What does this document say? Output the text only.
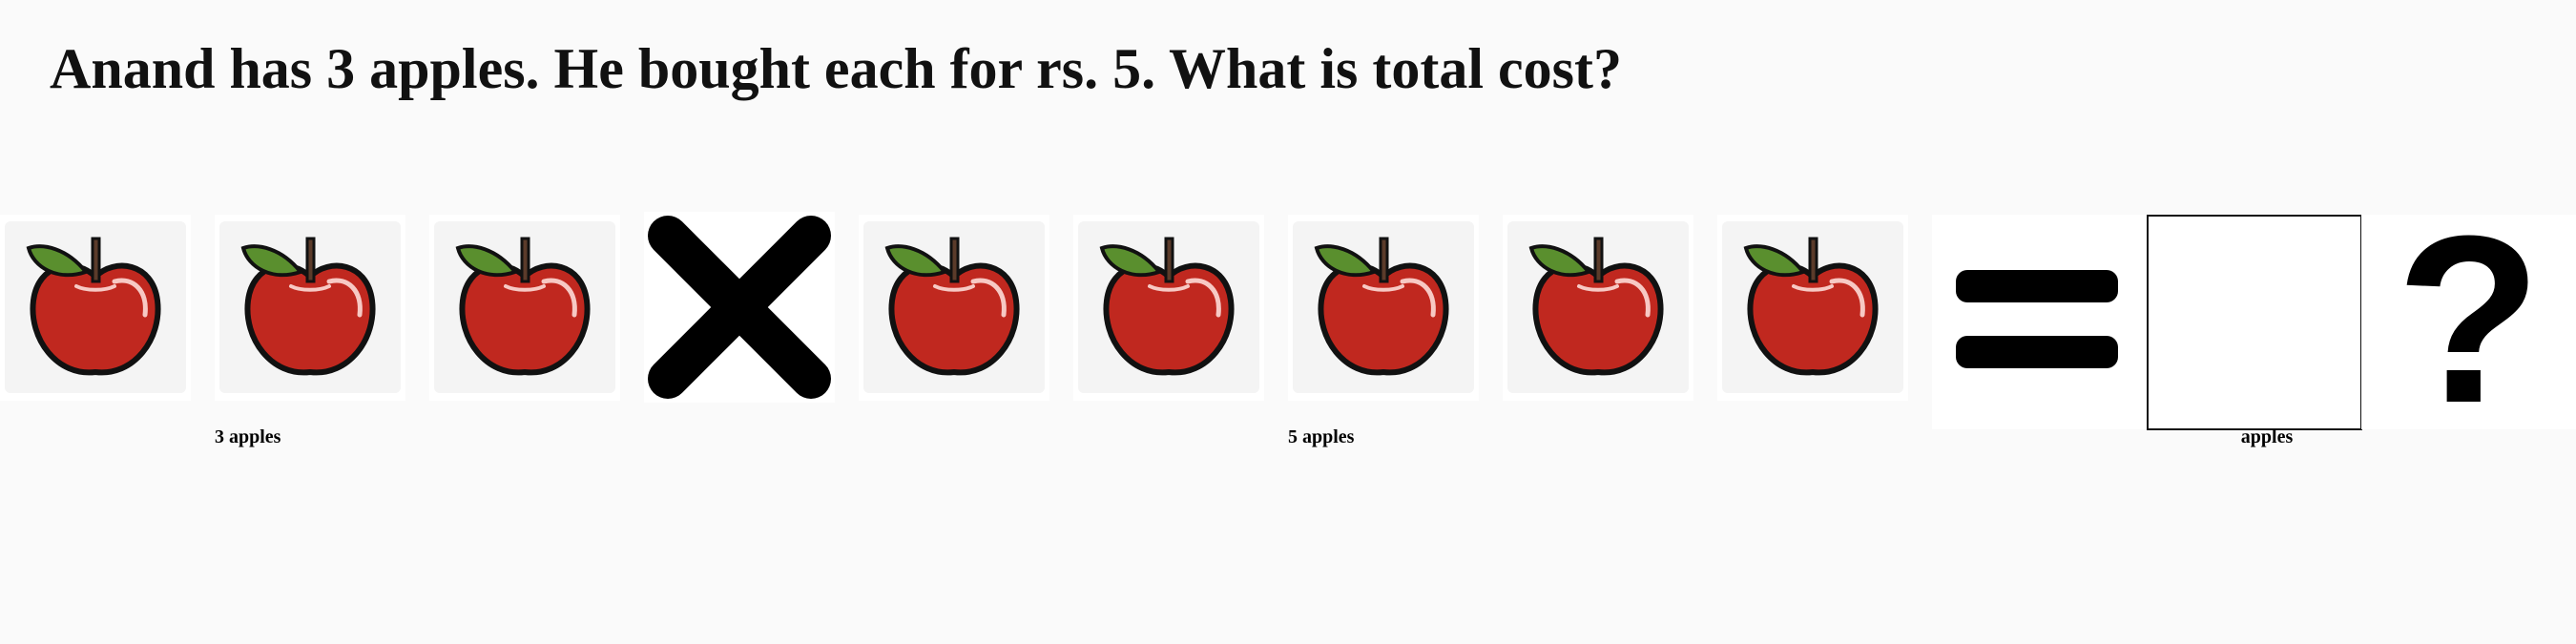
Anand has 3 apples. He bought each for rs. 5. What is total cost?
?
3 apples	5 apples	apples
